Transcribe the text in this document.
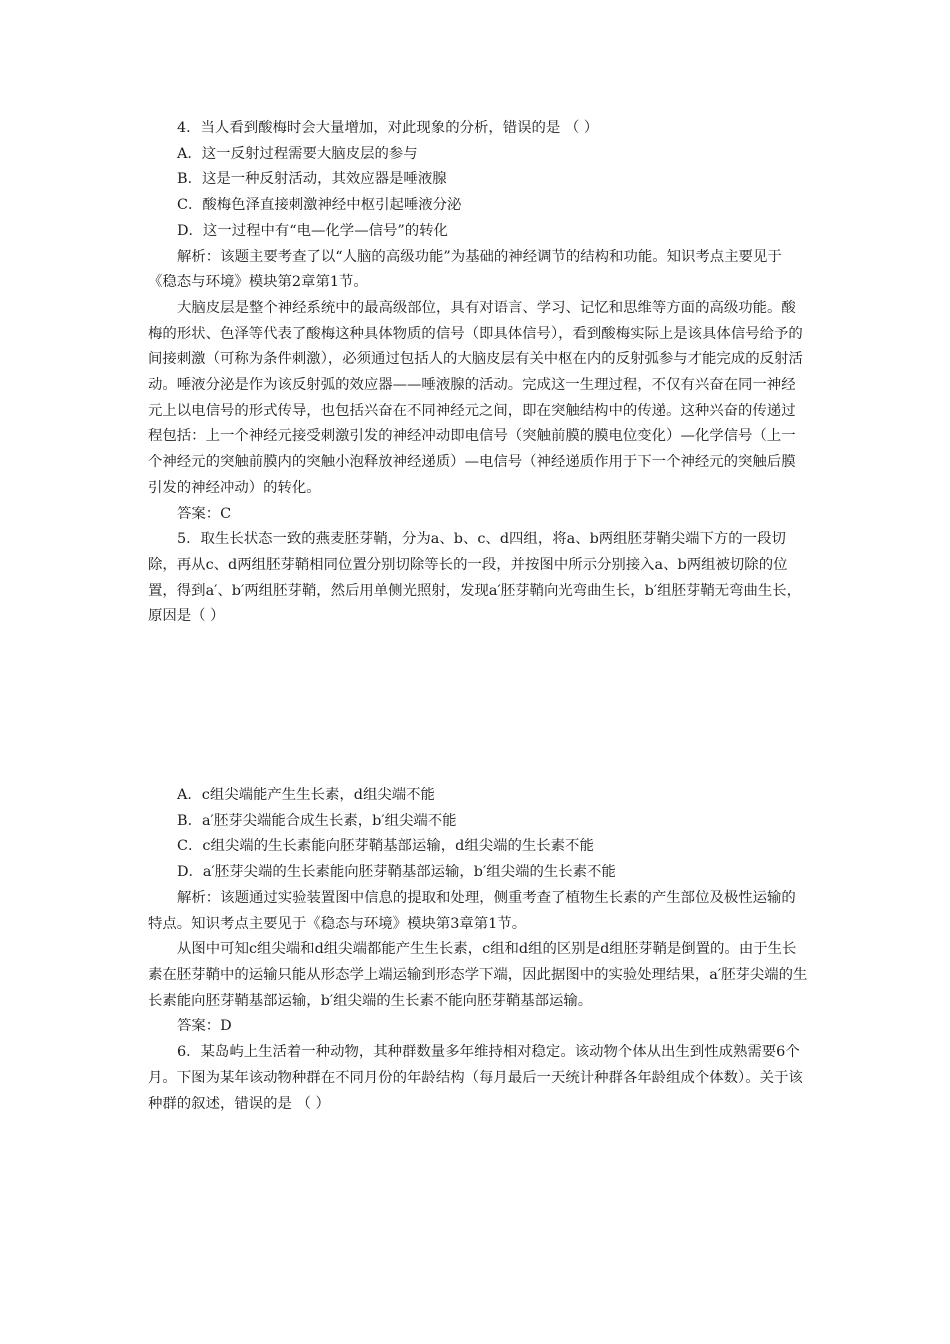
4．当人看到酸梅时会大量增加，对此现象的分析，错误的是 （ ）

A．这一反射过程需要大脑皮层的参与

B．这是一种反射活动，其效应器是唾液腺

C．酸梅色泽直接刺激神经中枢引起唾液分泌

D．这一过程中有“电—化学—信号”的转化

解析：该题主要考查了以“人脑的高级功能”为基础的神经调节的结构和功能。知识考点主要见于《稳态与环境》模块第2章第1节。

大脑皮层是整个神经系统中的最高级部位，具有对语言、学习、记忆和思维等方面的高级功能。酸梅的形状、色泽等代表了酸梅这种具体物质的信号（即具体信号），看到酸梅实际上是该具体信号给予的间接刺激（可称为条件刺激），必须通过包括人的大脑皮层有关中枢在内的反射弧参与才能完成的反射活动。唾液分泌是作为该反射弧的效应器——唾液腺的活动。完成这一生理过程，不仅有兴奋在同一神经元上以电信号的形式传导，也包括兴奋在不同神经元之间，即在突触结构中的传递。这种兴奋的传递过程包括：上一个神经元接受刺激引发的神经冲动即电信号（突触前膜的膜电位变化）—化学信号（上一个神经元的突触前膜内的突触小泡释放神经递质）—电信号（神经递质作用于下一个神经元的突触后膜引发的神经冲动）的转化。

答案：C

5．取生长状态一致的燕麦胚芽鞘，分为a、b、c、d四组，将a、b两组胚芽鞘尖端下方的一段切除，再从c、d两组胚芽鞘相同位置分别切除等长的一段，并按图中所示分别接入a、b两组被切除的位置，得到a′、b′两组胚芽鞘，然后用单侧光照射，发现a′胚芽鞘向光弯曲生长，b′组胚芽鞘无弯曲生长，原因是（ ）

A．c组尖端能产生生长素，d组尖端不能

B．a′胚芽尖端能合成生长素，b′组尖端不能

C．c组尖端的生长素能向胚芽鞘基部运输，d组尖端的生长素不能

D．a′胚芽尖端的生长素能向胚芽鞘基部运输，b′组尖端的生长素不能

解析：该题通过实验装置图中信息的提取和处理，侧重考查了植物生长素的产生部位及极性运输的特点。知识考点主要见于《稳态与环境》模块第3章第1节。

从图中可知c组尖端和d组尖端都能产生生长素，c组和d组的区别是d组胚芽鞘是倒置的。由于生长素在胚芽鞘中的运输只能从形态学上端运输到形态学下端，因此据图中的实验处理结果，a′胚芽尖端的生长素能向胚芽鞘基部运输，b′组尖端的生长素不能向胚芽鞘基部运输。

答案：D

6．某岛屿上生活着一种动物，其种群数量多年维持相对稳定。该动物个体从出生到性成熟需要6个月。下图为某年该动物种群在不同月份的年龄结构（每月最后一天统计种群各年龄组成个体数）。关于该种群的叙述，错误的是 （ ）
